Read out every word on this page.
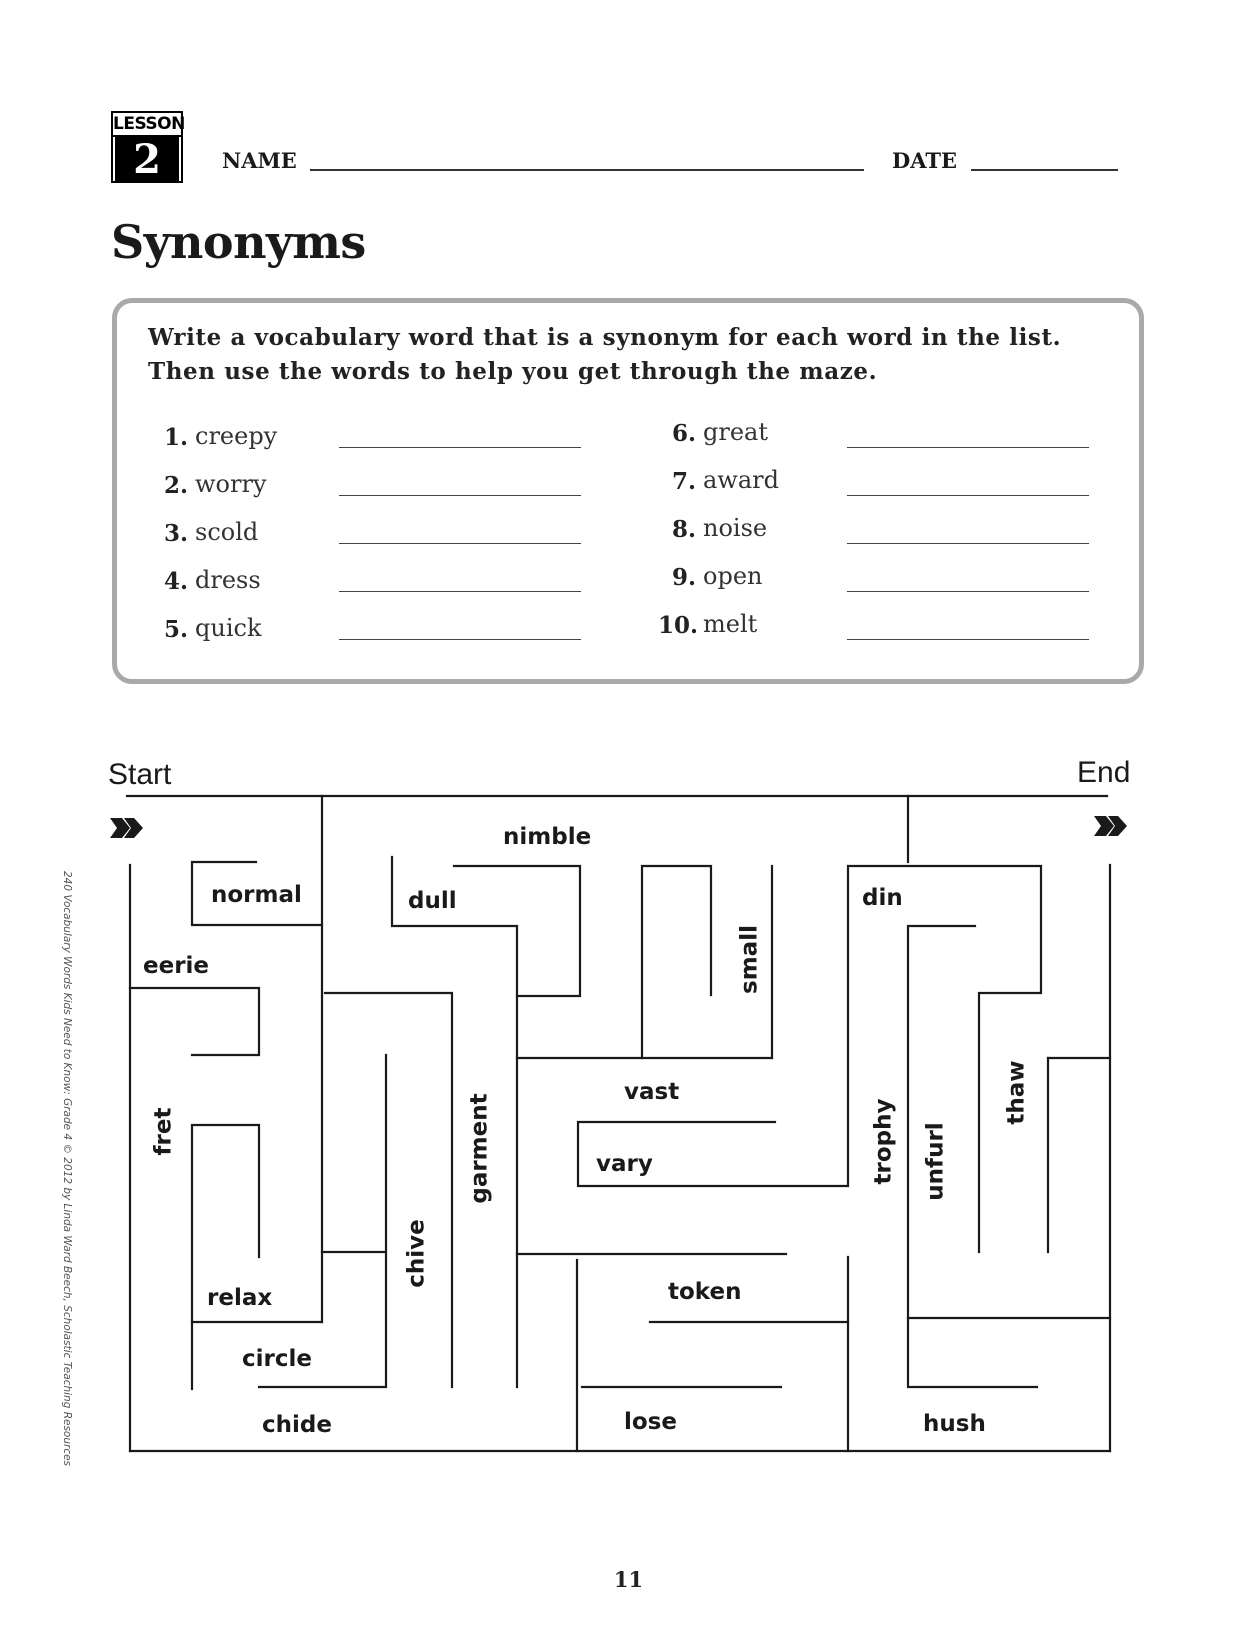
LESSON
2	NAME	DATE
Synonyms
Write a vocabulary word that is a synonym for each word in the list.
Then use the words to help you get through the maze.
1. creepy
2. worry
3. scold
4. dress
5. quick
6. great
7. award
8. noise
9. open
10. melt
Start	End
nimble
normal	dull	din
eerie
vast
vary
relax	token
circle
chide	lose	hush
small
fret	garment	trophy unfurl
thaw
chive
240 Vocabulary Words Kids Need to Know: Grade 4 © 2012 by Linda Ward Beech, Scholastic Teaching Resources
11
